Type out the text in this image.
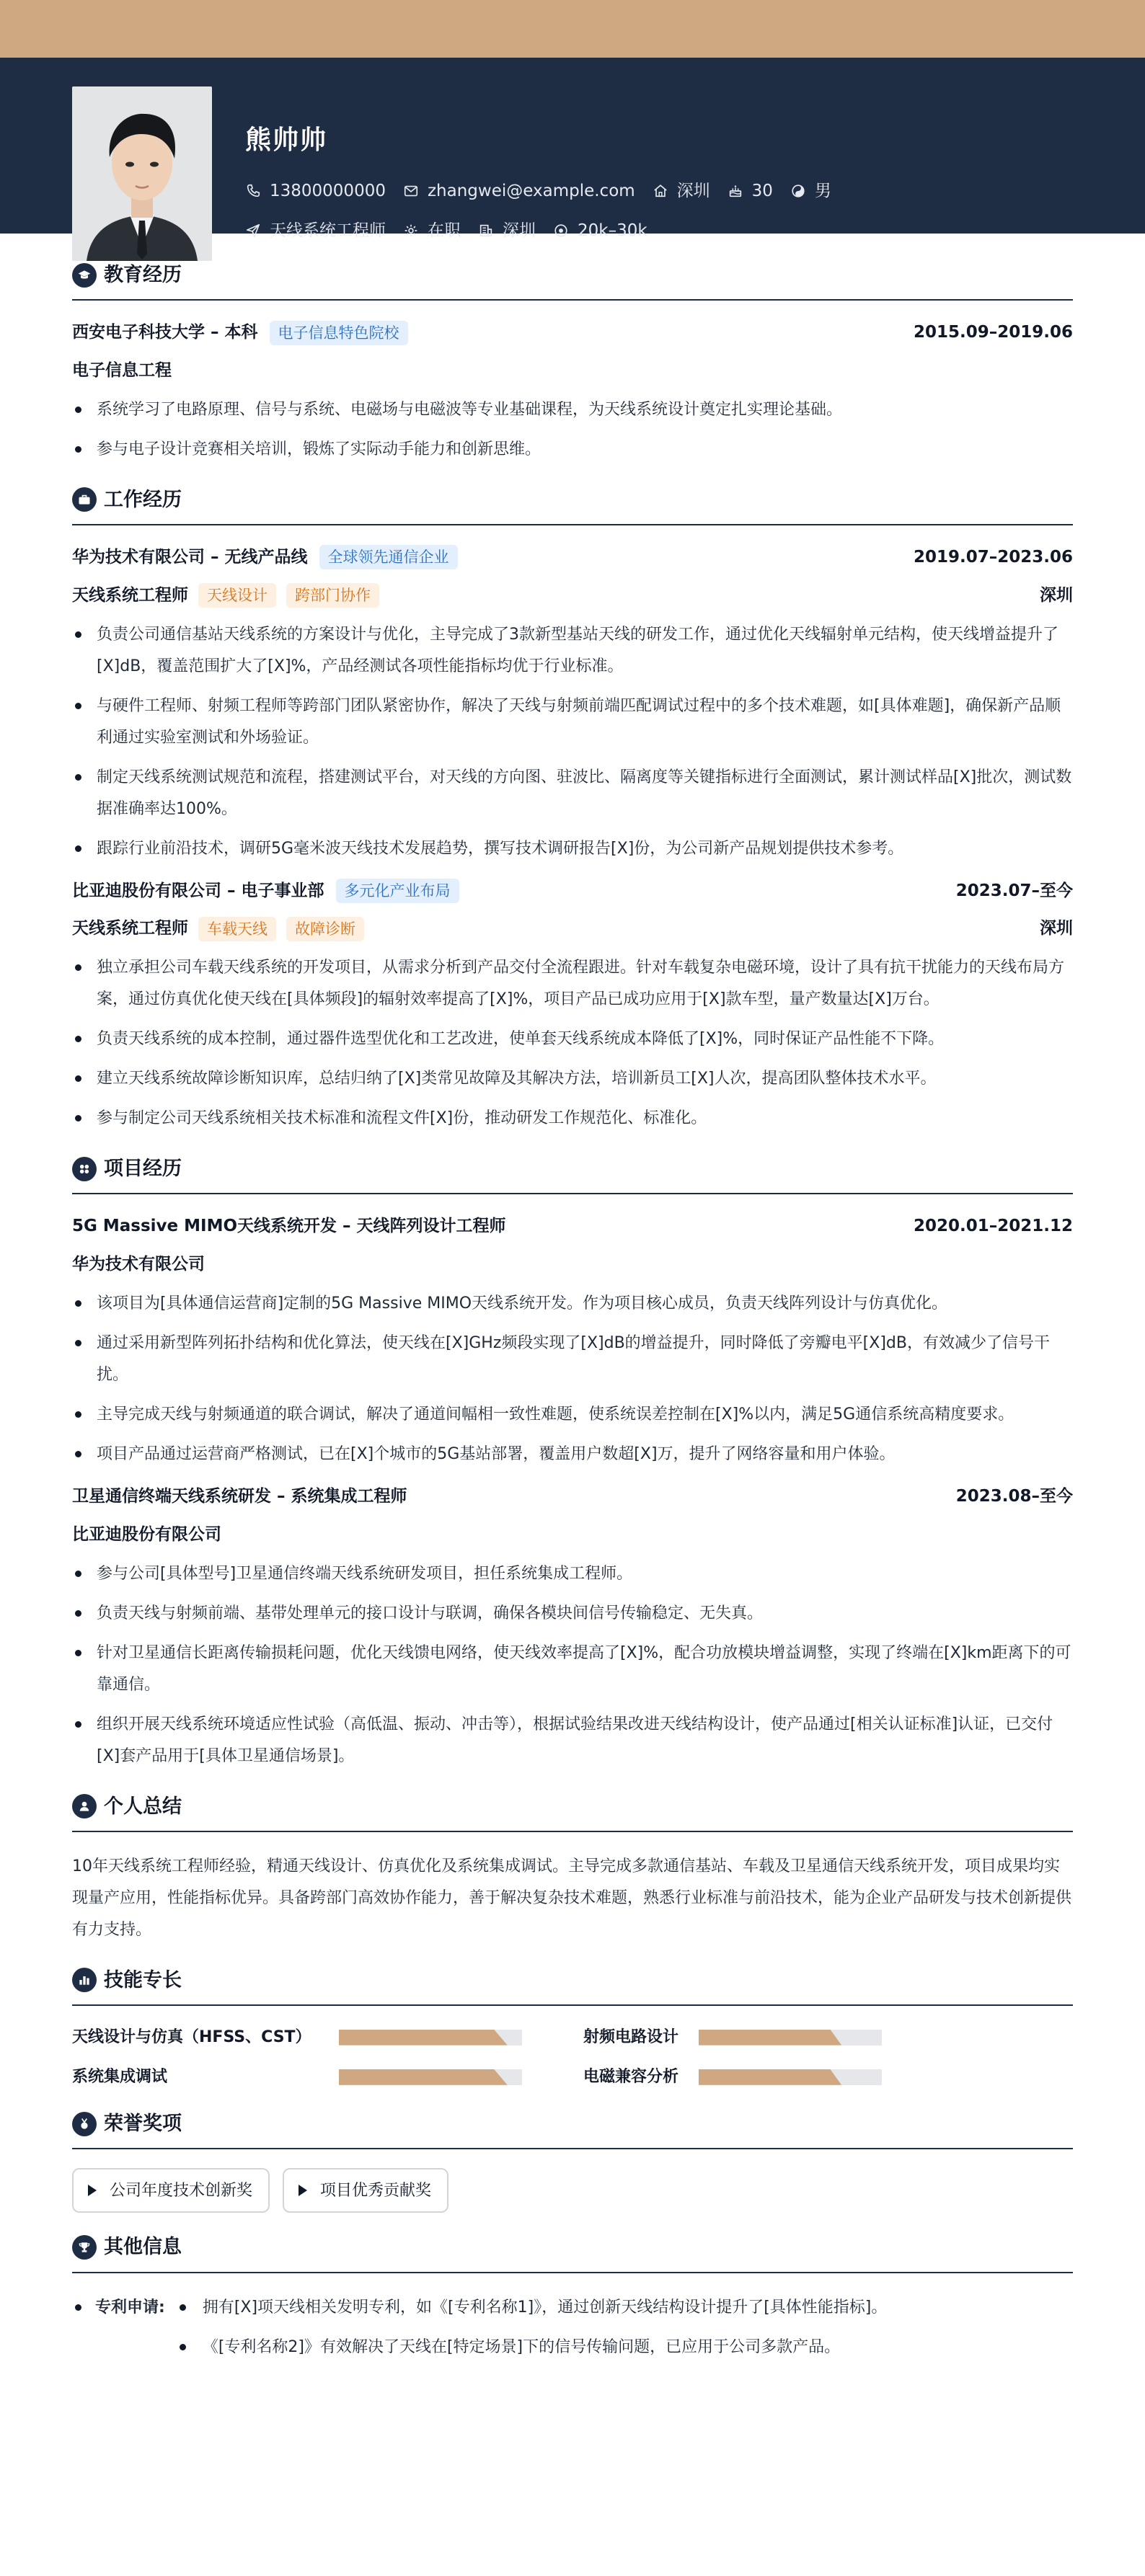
熊帅帅
13800000000	zhangwei@example.com	深圳	30	男
天线系统工程师	在职	深圳	20k–30k
教育经历
西安电子科技大学 – 本科	电子信息特色院校	2015.09–2019.06
电子信息工程
系统学习了电路原理、信号与系统、电磁场与电磁波等专业基础课程，为天线系统设计奠定扎实理论基础。
参与电子设计竞赛相关培训，锻炼了实际动手能力和创新思维。
工作经历
华为技术有限公司 – 无线产品线	全球领先通信企业	2019.07–2023.06
天线系统工程师	天线设计	跨部门协作	深圳
负责公司通信基站天线系统的方案设计与优化，主导完成了3款新型基站天线的研发工作，通过优化天线辐射单元结构，使天线增益提升了[X]dB，覆盖范围扩大了[X]%，产品经测试各项性能指标均优于行业标准。
与硬件工程师、射频工程师等跨部门团队紧密协作，解决了天线与射频前端匹配调试过程中的多个技术难题，如[具体难题]，确保新产品顺利通过实验室测试和外场验证。
制定天线系统测试规范和流程，搭建测试平台，对天线的方向图、驻波比、隔离度等关键指标进行全面测试，累计测试样品[X]批次，测试数据准确率达100%。
跟踪行业前沿技术，调研5G毫米波天线技术发展趋势，撰写技术调研报告[X]份，为公司新产品规划提供技术参考。
比亚迪股份有限公司 – 电子事业部	多元化产业布局	2023.07–至今
天线系统工程师	车载天线	故障诊断	深圳
独立承担公司车载天线系统的开发项目，从需求分析到产品交付全流程跟进。针对车载复杂电磁环境，设计了具有抗干扰能力的天线布局方案，通过仿真优化使天线在[具体频段]的辐射效率提高了[X]%，项目产品已成功应用于[X]款车型，量产数量达[X]万台。
负责天线系统的成本控制，通过器件选型优化和工艺改进，使单套天线系统成本降低了[X]%，同时保证产品性能不下降。
建立天线系统故障诊断知识库，总结归纳了[X]类常见故障及其解决方法，培训新员工[X]人次，提高团队整体技术水平。
参与制定公司天线系统相关技术标准和流程文件[X]份，推动研发工作规范化、标准化。
项目经历
5G Massive MIMO天线系统开发 – 天线阵列设计工程师	2020.01–2021.12
华为技术有限公司
该项目为[具体通信运营商]定制的5G Massive MIMO天线系统开发。作为项目核心成员，负责天线阵列设计与仿真优化。
通过采用新型阵列拓扑结构和优化算法，使天线在[X]GHz频段实现了[X]dB的增益提升，同时降低了旁瓣电平[X]dB，有效减少了信号干扰。
主导完成天线与射频通道的联合调试，解决了通道间幅相一致性难题，使系统误差控制在[X]%以内，满足5G通信系统高精度要求。
项目产品通过运营商严格测试，已在[X]个城市的5G基站部署，覆盖用户数超[X]万，提升了网络容量和用户体验。
卫星通信终端天线系统研发 – 系统集成工程师	2023.08–至今
比亚迪股份有限公司
参与公司[具体型号]卫星通信终端天线系统研发项目，担任系统集成工程师。
负责天线与射频前端、基带处理单元的接口设计与联调，确保各模块间信号传输稳定、无失真。
针对卫星通信长距离传输损耗问题，优化天线馈电网络，使天线效率提高了[X]%，配合功放模块增益调整，实现了终端在[X]km距离下的可靠通信。
组织开展天线系统环境适应性试验（高低温、振动、冲击等），根据试验结果改进天线结构设计，使产品通过[相关认证标准]认证，已交付[X]套产品用于[具体卫星通信场景]。
个人总结
10年天线系统工程师经验，精通天线设计、仿真优化及系统集成调试。主导完成多款通信基站、车载及卫星通信天线系统开发，项目成果均实现量产应用，性能指标优异。具备跨部门高效协作能力，善于解决复杂技术难题，熟悉行业标准与前沿技术，能为企业产品研发与技术创新提供有力支持。
技能专长
天线设计与仿真（HFSS、CST）	射频电路设计
系统集成调试	电磁兼容分析
荣誉奖项
公司年度技术创新奖	项目优秀贡献奖
其他信息
专利申请:	拥有[X]项天线相关发明专利，如《[专利名称1]》，通过创新天线结构设计提升了[具体性能指标]。
《[专利名称2]》有效解决了天线在[特定场景]下的信号传输问题，已应用于公司多款产品。
